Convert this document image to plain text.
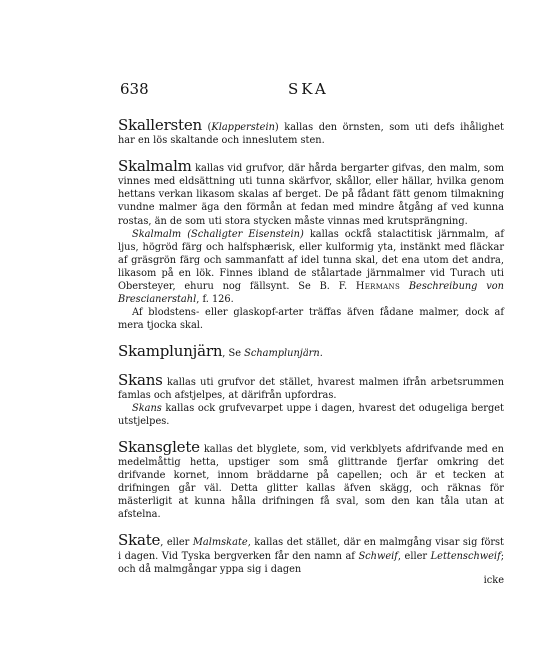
638	SKA

Skallersten (Klapperstein) kallas den örnsten, som uti defs ihålighet har en lös skaltande och inneslutem sten.

Skalmalm kallas vid grufvor, där hårda bergarter gifvas, den malm, som vinnes med eldsättning uti tunna skärfvor, skållor, eller hällar, hvilka genom hettans verkan likasom skalas af berget. De på fådant fätt genom tilmakning vundne malmer äga den förmån at fedan med mindre åtgång af ved kunna rostas, än de som uti stora stycken måste vinnas med krutsprängning.

Skalmalm (Schaligter Eisenstein) kallas ockfå stalactitisk järnmalm, af ljus, högröd färg och halfsphærisk, eller kulformig yta, instänkt med fläckar af gräsgrön färg och sammanfatt af idel tunna skal, det ena utom det andra, likasom på en lök. Finnes ibland de stålartade järnmalmer vid Turach uti Obersteyer, ehuru nog fällsynt. Se B. F. Hermans Beschreibung von Brescianerstahl, f. 126.

Af blodstens- eller glaskopf-arter träffas äfven fådane malmer, dock af mera tjocka skal.

Skamplunjärn, Se Schamplunjärn.

Skans kallas uti grufvor det stället, hvarest malmen ifrån arbetsrummen famlas och afstjelpes, at därifrån upfordras.

Skans kallas ock grufvevarpet uppe i dagen, hvarest det odugeliga berget utstjelpes.

Skansglete kallas det blyglete, som, vid verkblyets afdrifvande med en medelmåttig hetta, upstiger som små glittrande fjerfar omkring det drifvande kornet, innom bräddarne på capellen; och är et tecken at drifningen går väl. Detta glitter kallas äfven skägg, och räknas för mästerligit at kunna hålla drifningen få sval, som den kan tåla utan at afstelna.

Skate, eller Malmskate, kallas det stället, där en malmgång visar sig först i dagen. Vid Tyska bergverken får den namn af Schweif, eller Lettenschweif; och då malmgångar yppa sig i dagen

icke
